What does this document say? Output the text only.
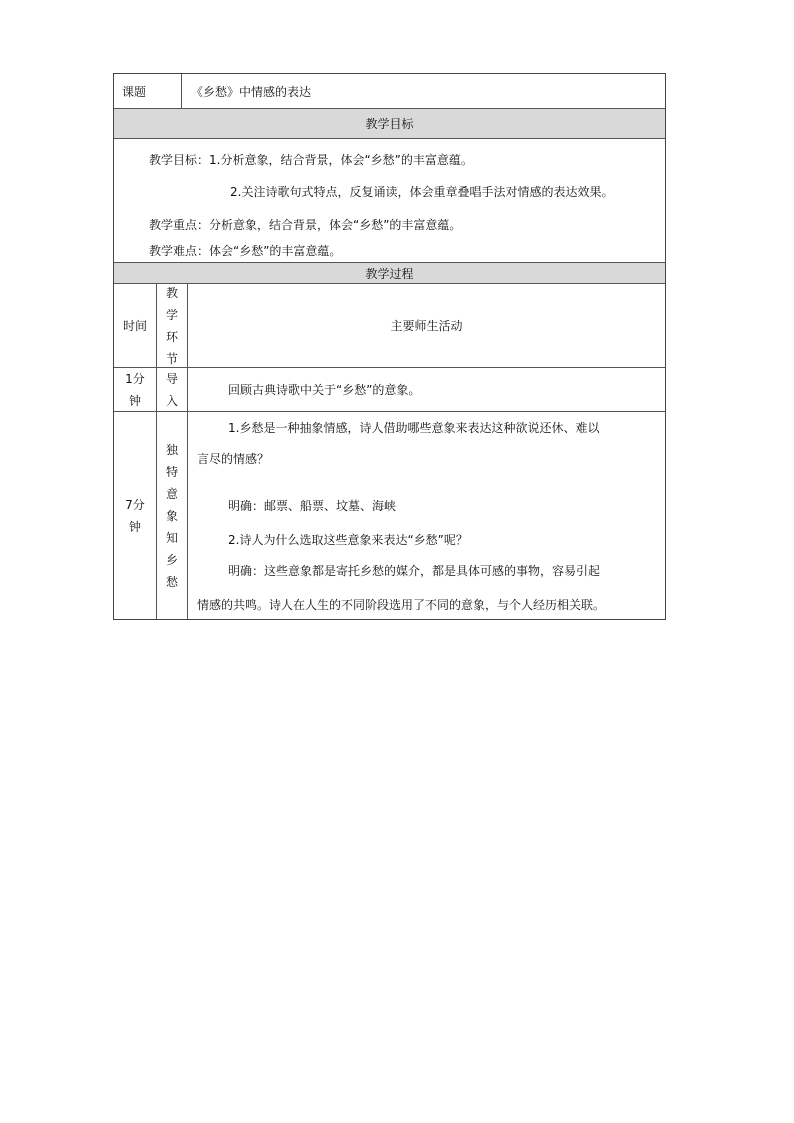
课题	《乡愁》中情感的表达
教学目标

教学目标：1.分析意象，结合背景，体会“乡愁”的丰富意蕴。

2.关注诗歌句式特点，反复诵读，体会重章叠唱手法对情感的表达效果。

教学重点：分析意象，结合背景，体会“乡愁”的丰富意蕴。

教学难点：体会“乡愁”的丰富意蕴。

教学过程
时间
教
学
环
节
主要师生活动
1分
钟
导
入
回顾古典诗歌中关于“乡愁”的意象。
7分
钟
独
特
意
象
知
乡
愁

1.乡愁是一种抽象情感，诗人借助哪些意象来表达这种欲说还休、难以

言尽的情感？

明确：邮票、船票、坟墓、海峡

2.诗人为什么选取这些意象来表达“乡愁”呢？

明确：这些意象都是寄托乡愁的媒介，都是具体可感的事物，容易引起

情感的共鸣。诗人在人生的不同阶段选用了不同的意象，与个人经历相关联。
